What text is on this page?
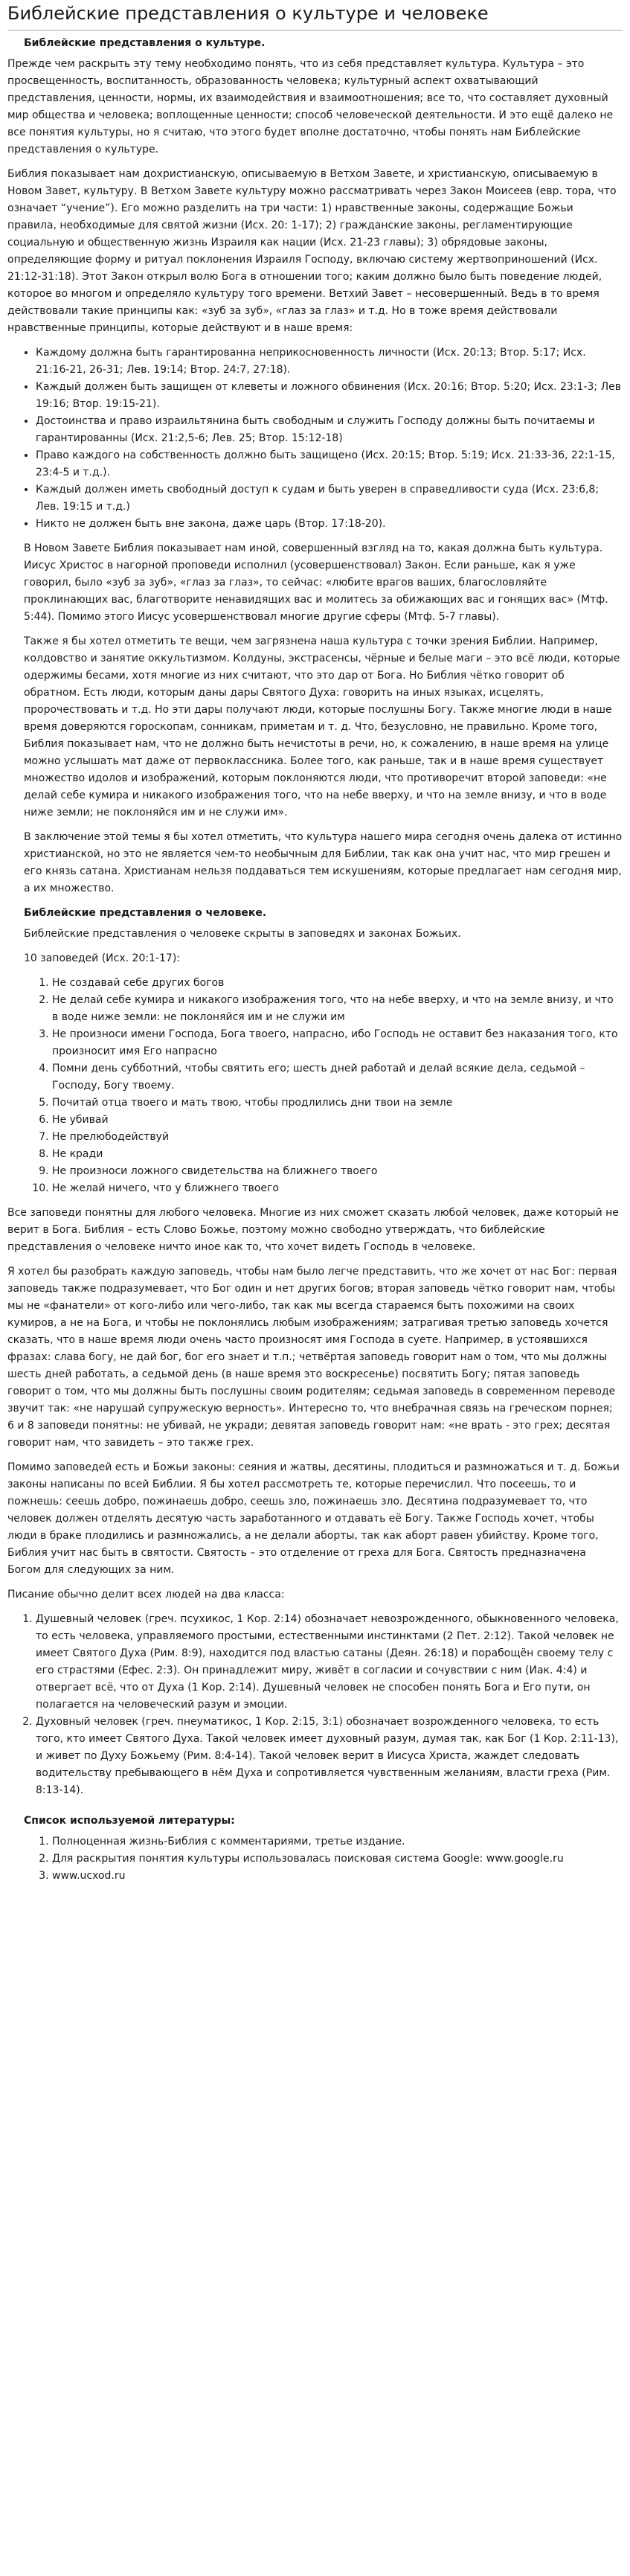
Библейские представления о культуре и человеке
Библейские представления о культуре.

Прежде чем раскрыть эту тему необходимо понять, что из себя представляет культура. Культура – это просвещенность, воспитанность, образованность человека; культурный аспект охватывающий представления, ценности, нормы, их взаимодействия и взаимоотношения; все то, что составляет духовный мир общества и человека; воплощенные ценности; способ человеческой деятельности. И это ещё далеко не все понятия культуры, но я считаю, что этого будет вполне достаточно, чтобы понять нам Библейские представления о культуре.

Библия показывает нам дохристианскую, описываемую в Ветхом Завете, и христианскую, описываемую в Новом Завет, культуру. В Ветхом Завете культуру можно рассматривать через Закон Моисеев (евр. тора, что означает “учение”). Его можно разделить на три части: 1) нравственные законы, содержащие Божьи правила, необходимые для святой жизни (Исх. 20: 1-17); 2) гражданские законы, регламентирующие социальную и общественную жизнь Израиля как нации (Исх. 21-23 главы); 3) обрядовые законы, определяющие форму и ритуал поклонения Израиля Господу, включаю систему жертвоприношений (Исх. 21:12-31:18). Этот Закон открыл волю Бога в отношении того; каким должно было быть поведение людей, которое во многом и определяло культуру того времени. Ветхий Завет – несовершенный. Ведь в то время действовали такие принципы как: «зуб за зуб», «глаз за глаз» и т.д. Но в тоже время действовали нравственные принципы, которые действуют и в наше время:

• Каждому должна быть гарантированна неприкосновенность личности (Исх. 20:13; Втор. 5:17; Исх. 21:16-21, 26-31; Лев. 19:14; Втор. 24:7, 27:18).
• Каждый должен быть защищен от клеветы и ложного обвинения (Исх. 20:16; Втор. 5:20; Исх. 23:1-3; Лев 19:16; Втор. 19:15-21).
• Достоинства и право израильтянина быть свободным и служить Господу должны быть почитаемы и гарантированны (Исх. 21:2,5-6; Лев. 25; Втор. 15:12-18)
• Право каждого на собственность должно быть защищено (Исх. 20:15; Втор. 5:19; Исх. 21:33-36, 22:1-15, 23:4-5 и т.д.).
• Каждый должен иметь свободный доступ к судам и быть уверен в справедливости суда (Исх. 23:6,8; Лев. 19:15 и т.д.)
• Никто не должен быть вне закона, даже царь (Втор. 17:18-20).

В Новом Завете Библия показывает нам иной, совершенный взгляд на то, какая должна быть культура. Иисус Христос в нагорной проповеди исполнил (усовершенствовал) Закон. Если раньше, как я уже говорил, было «зуб за зуб», «глаз за глаз», то сейчас: «любите врагов ваших, благословляйте проклинающих вас, благотворите ненавидящих вас и молитесь за обижающих вас и гонящих вас» (Мтф. 5:44). Помимо этого Иисус усовершенствовал многие другие сферы (Мтф. 5-7 главы).

Также я бы хотел отметить те вещи, чем загрязнена наша культура с точки зрения Библии. Например, колдовство и занятие оккультизмом. Колдуны, экстрасенсы, чёрные и белые маги – это всё люди, которые одержимы бесами, хотя многие из них считают, что это дар от Бога. Но Библия чётко говорит об обратном. Есть люди, которым даны дары Святого Духа: говорить на иных языках, исцелять, пророчествовать и т.д. Но эти дары получают люди, которые послушны Богу. Также многие люди в наше время доверяются гороскопам, сонникам, приметам и т. д. Что, безусловно, не правильно. Кроме того, Библия показывает нам, что не должно быть нечистоты в речи, но, к сожалению, в наше время на улице можно услышать мат даже от первоклассника. Более того, как раньше, так и в наше время существует множество идолов и изображений, которым поклоняются люди, что противоречит второй заповеди: «не делай себе кумира и никакого изображения того, что на небе вверху, и что на земле внизу, и что в воде ниже земли; не поклоняйся им и не служи им».

В заключение этой темы я бы хотел отметить, что культура нашего мира сегодня очень далека от истинно христианской, но это не является чем-то необычным для Библии, так как она учит нас, что мир грешен и его князь сатана. Христианам нельзя поддаваться тем искушениям, которые предлагает нам сегодня мир, а их множество.

Библейские представления о человеке.

Библейские представления о человеке скрыты в заповедях и законах Божьих.

10 заповедей (Исх. 20:1-17):

1. Не создавай себе других богов
2. Не делай себе кумира и никакого изображения того, что на небе вверху, и что на земле внизу, и что в воде ниже земли: не поклоняйся им и не служи им
3. Не произноси имени Господа, Бога твоего, напрасно, ибо Господь не оставит без наказания того, кто произносит имя Его напрасно
4. Помни день субботний, чтобы святить его; шесть дней работай и делай всякие дела, седьмой – Господу, Богу твоему.
5. Почитай отца твоего и мать твою, чтобы продлились дни твои на земле
6. Не убивай
7. Не прелюбодействуй
8. Не кради
9. Не произноси ложного свидетельства на ближнего твоего
10. Не желай ничего, что у ближнего твоего

Все заповеди понятны для любого человека. Многие из них сможет сказать любой человек, даже который не верит в Бога. Библия – есть Слово Божье, поэтому можно свободно утверждать, что библейские представления о человеке ничто иное как то, что хочет видеть Господь в человеке.

Я хотел бы разобрать каждую заповедь, чтобы нам было легче представить, что же хочет от нас Бог: первая заповедь также подразумевает, что Бог один и нет других богов; вторая заповедь чётко говорит нам, чтобы мы не «фанатели» от кого-либо или чего-либо, так как мы всегда стараемся быть похожими на своих кумиров, а не на Бога, и чтобы не поклонялись любым изображениям; затрагивая третью заповедь хочется сказать, что в наше время люди очень часто произносят имя Господа в суете. Например, в устоявшихся фразах: слава богу, не дай бог, бог его знает и т.п.; четвёртая заповедь говорит нам о том, что мы должны шесть дней работать, а седьмой день (в наше время это воскресенье) посвятить Богу; пятая заповедь говорит о том, что мы должны быть послушны своим родителям; седьмая заповедь в современном переводе звучит так: «не нарушай супружескую верность». Интересно то, что внебрачная связь на греческом порнея; 6 и 8 заповеди понятны: не убивай, не укради; девятая заповедь говорит нам: «не врать - это грех; десятая говорит нам, что завидеть – это также грех.

Помимо заповедей есть и Божьи законы: сеяния и жатвы, десятины, плодиться и размножаться и т. д. Божьи законы написаны по всей Библии. Я бы хотел рассмотреть те, которые перечислил. Что посеешь, то и пожнешь: сеешь добро, пожинаешь добро, сеешь зло, пожинаешь зло. Десятина подразумевает то, что человек должен отделять десятую часть заработанного и отдавать её Богу. Также Господь хочет, чтобы люди в браке плодились и размножались, а не делали аборты, так как аборт равен убийству. Кроме того, Библия учит нас быть в святости. Святость – это отделение от греха для Бога. Святость предназначена Богом для следующих за ним.

Писание обычно делит всех людей на два класса:

1. Душевный человек (греч. псухикос, 1 Кор. 2:14) обозначает невозрожденного, обыкновенного человека, то есть человека, управляемого простыми, естественными инстинктами (2 Пет. 2:12). Такой человек не имеет Святого Духа (Рим. 8:9), находится под властью сатаны (Деян. 26:18) и порабощён своему телу с его страстями (Ефес. 2:3). Он принадлежит миру, живёт в согласии и сочувствии с ним (Иак. 4:4) и отвергает всё, что от Духа (1 Кор. 2:14). Душевный человек не способен понять Бога и Его пути, он полагается на человеческий разум и эмоции.
2. Духовный человек (греч. пнеуматикос, 1 Кор. 2:15, 3:1) обозначает возрожденного человека, то есть того, кто имеет Святого Духа. Такой человек имеет духовный разум, думая так, как Бог (1 Кор. 2:11-13), и живет по Духу Божьему (Рим. 8:4-14). Такой человек верит в Иисуса Христа, жаждет следовать водительству пребывающего в нём Духа и сопротивляется чувственным желаниям, власти греха (Рим. 8:13-14).
Список используемой литературы:
1. Полноценная жизнь-Библия с комментариями, третье издание.
2. Для раскрытия понятия культуры использовалась поисковая система Google: www.google.ru
3. www.ucxod.ru
